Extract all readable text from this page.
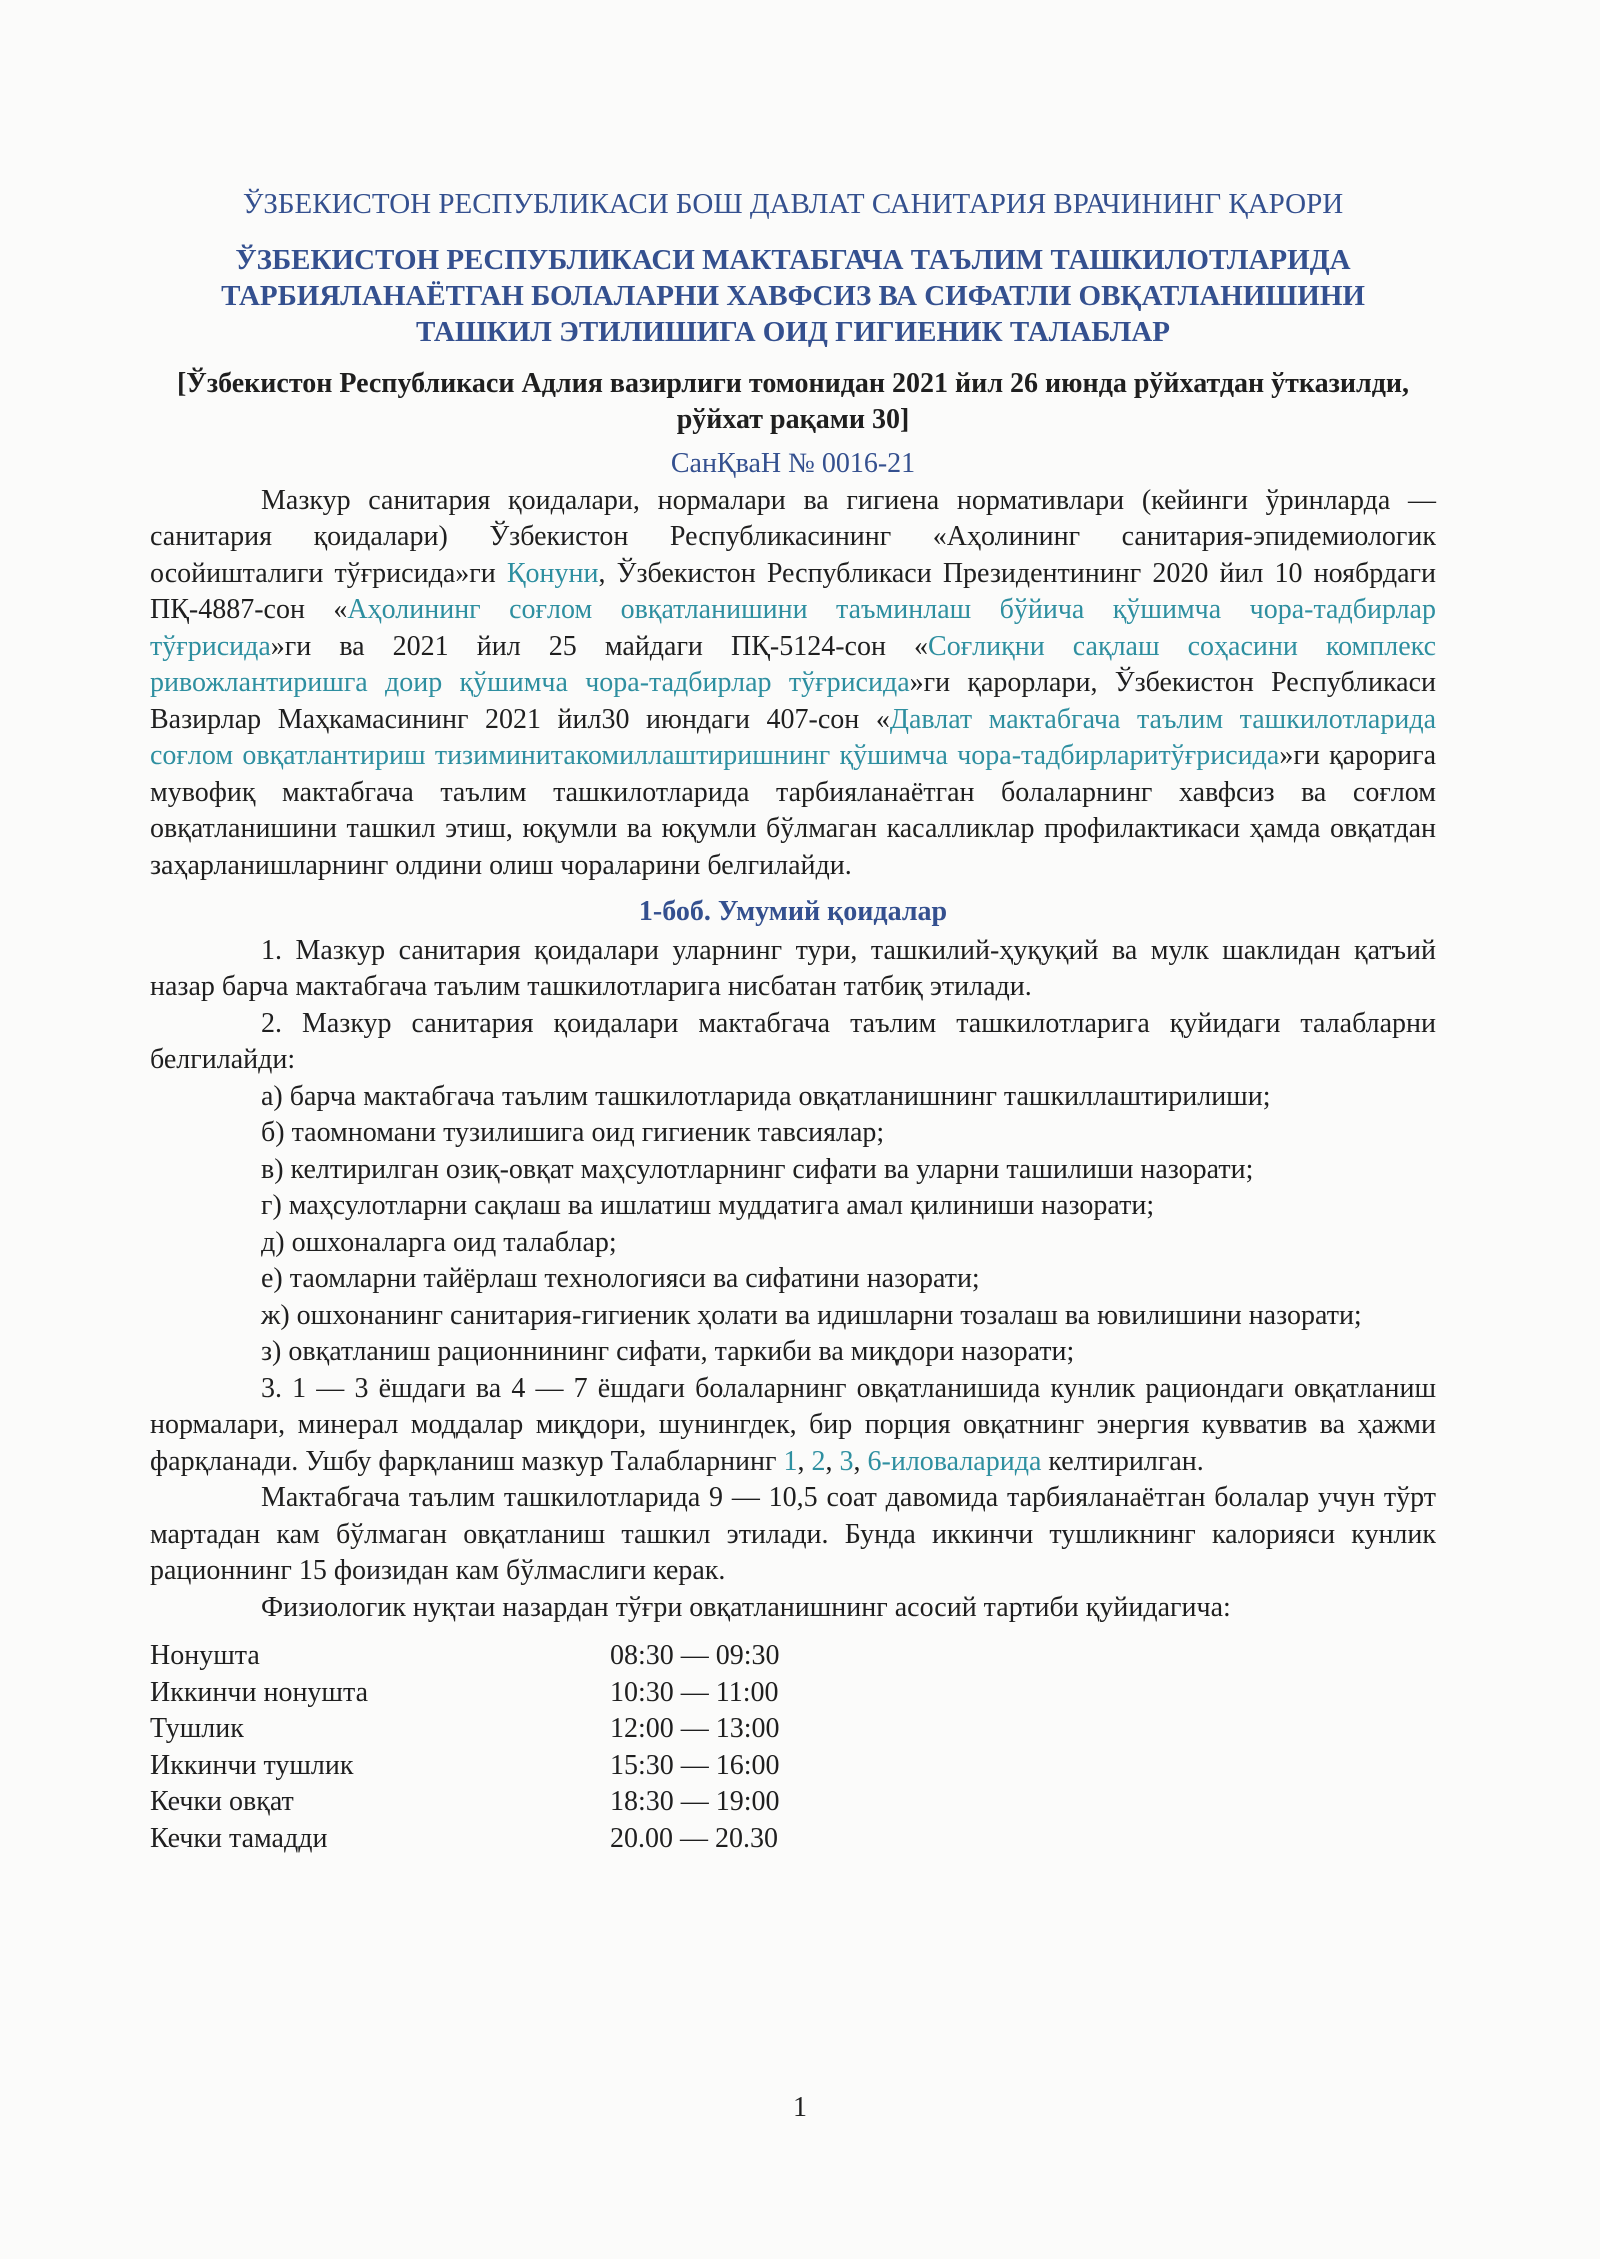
ЎЗБЕКИСТОН РЕСПУБЛИКАСИ БОШ ДАВЛАТ САНИТАРИЯ ВРАЧИНИНГ ҚАРОРИ
ЎЗБЕКИСТОН РЕСПУБЛИКАСИ МАКТАБГАЧА ТАЪЛИМ ТАШКИЛОТЛАРИДА ТАРБИЯЛАНАЁТГАН БОЛАЛАРНИ ХАВФСИЗ ВА СИФАТЛИ ОВҚАТЛАНИШИНИ ТАШКИЛ ЭТИЛИШИГА ОИД ГИГИЕНИК ТАЛАБЛАР
[Ўзбекистон Республикаси Адлия вазирлиги томонидан 2021 йил 26 июнда рўйхатдан ўтказилди, рўйхат рақами 30]
СанҚваН № 0016-21

Мазкур санитария қоидалари, нормалари ва гигиена нормативлари (кейинги ўринларда — санитария қоидалари) Ўзбекистон Республикасининг «Аҳолининг санитария-эпидемиологик осойишталиги тўғрисида»ги Қонуни, Ўзбекистон Республикаси Президентининг 2020 йил 10 ноябрдаги ПҚ-4887-сон «Аҳолининг соғлом овқатланишини таъминлаш бўйича қўшимча чора-тадбирлар тўғрисида»ги ва 2021 йил 25 майдаги ПҚ-5124-сон «Соғлиқни сақлаш соҳасини комплекс ривожлантиришга доир қўшимча чора-тадбирлар тўғрисида»ги қарорлари, Ўзбекистон Республикаси Вазирлар Маҳкамасининг 2021 йил30 июндаги 407-сон «Давлат мактабгача таълим ташкилотларида соғлом овқатлантириш тизиминитакомиллаштиришнинг қўшимча чора-тадбирларитўғрисида»ги қарорига мувофиқ мактабгача таълим ташкилотларида тарбияланаётган болаларнинг хавфсиз ва соғлом овқатланишини ташкил этиш, юқумли ва юқумли бўлмаган касалликлар профилактикаси ҳамда овқатдан заҳарланишларнинг олдини олиш чораларини белгилайди.

1-боб. Умумий қоидалар

1. Мазкур санитария қоидалари уларнинг тури, ташкилий-ҳуқуқий ва мулк шаклидан қатъий назар барча мактабгача таълим ташкилотларига нисбатан татбиқ этилади.

2. Мазкур санитария қоидалари мактабгача таълим ташкилотларига қуйидаги талабларни белгилайди:

а) барча мактабгача таълим ташкилотларида овқатланишнинг ташкиллаштирилиши;

б) таомномани тузилишига оид гигиеник тавсиялар;

в) келтирилган озиқ-овқат маҳсулотларнинг сифати ва уларни ташилиши назорати;

г) маҳсулотларни сақлаш ва ишлатиш муддатига амал қилиниши назорати;

д) ошхоналарга оид талаблар;

е) таомларни тайёрлаш технологияси ва сифатини назорати;

ж) ошхонанинг санитария-гигиеник ҳолати ва идишларни тозалаш ва ювилишини назорати;

з) овқатланиш рационнининг сифати, таркиби ва миқдори назорати;

3. 1 — 3 ёшдаги ва 4 — 7 ёшдаги болаларнинг овқатланишида кунлик рациондаги овқатланиш нормалари, минерал моддалар миқдори, шунингдек, бир порция овқатнинг энергия кувватив ва ҳажми фарқланади. Ушбу фарқланиш мазкур Талабларнинг 1, 2, 3, 6-иловаларида келтирилган.

Мактабгача таълим ташкилотларида 9 — 10,5 соат давомида тарбияланаётган болалар учун тўрт мартадан кам бўлмаган овқатланиш ташкил этилади. Бунда иккинчи тушликнинг калорияси кунлик рационнинг 15 фоизидан кам бўлмаслиги керак.

Физиологик нуқтаи назардан тўғри овқатланишнинг асосий тартиби қуйидагича:

Нонушта	08:30 — 09:30
Иккинчи нонушта	10:30 — 11:00
Тушлик	12:00 — 13:00
Иккинчи тушлик	15:30 — 16:00
Кечки овқат	18:30 — 19:00
Кечки тамадди	20.00 — 20.30
1
